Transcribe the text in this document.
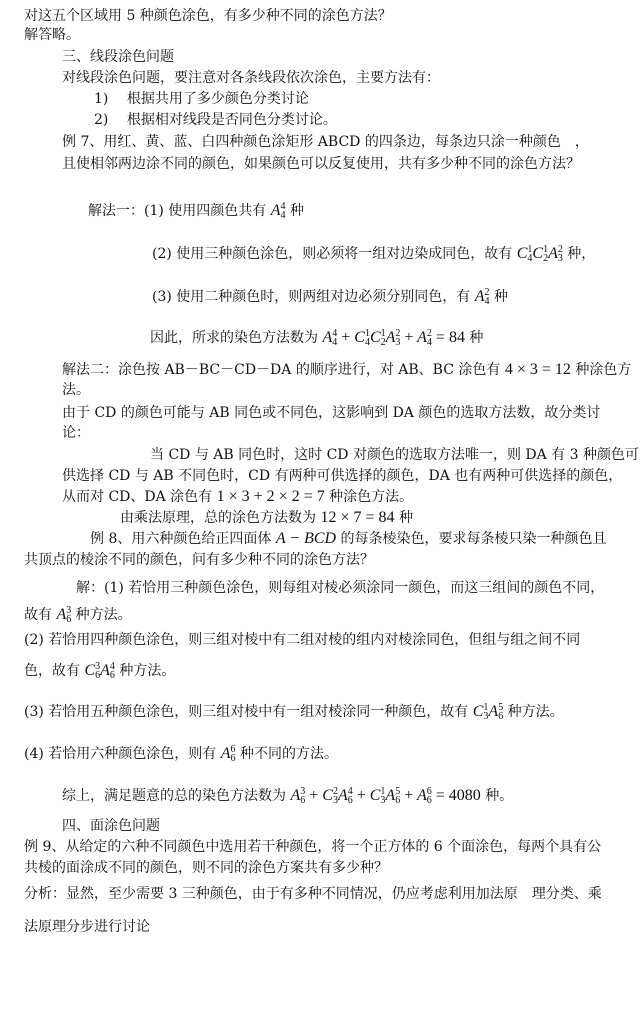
对这五个区域用 5 种颜色涂色，有多少种不同的涂色方法？
解答略。
三、线段涂色问题
对线段涂色问题，要注意对各条线段依次涂色，主要方法有：
1)　 根据共用了多少颜色分类讨论
2)　 根据相对线段是否同色分类讨论。
例 7、用红、黄、蓝、白四种颜色涂矩形 ABCD 的四条边，每条边只涂一种颜色　，
且使相邻两边涂不同的颜色，如果颜色可以反复使用，共有多少种不同的涂色方法？
解法一：(1) 使用四颜色共有 $A^4_4$ 种
(2) 使用三种颜色涂色，则必须将一组对边染成同色，故有 $C^1_4C^1_2A^2_3$ 种，
(3) 使用二种颜色时，则两组对边必须分别同色，有 $A^2_4$ 种
因此，所求的染色方法数为 $A^4_4 + C^1_4C^1_2A^2_3 + A^2_4 = 84$ 种
解法二：涂色按 AB－BC－CD－DA 的顺序进行，对 AB、BC 涂色有 4 × 3 = 12 种涂色方
法。
由于 CD 的颜色可能与 AB 同色或不同色，这影响到 DA 颜色的选取方法数，故分类讨
论：
当 CD 与 AB 同色时，这时 CD 对颜色的选取方法唯一，则 DA 有 3 种颜色可
供选择 CD 与 AB 不同色时，CD 有两种可供选择的颜色，DA 也有两种可供选择的颜色，
从而对 CD、DA 涂色有 1 × 3 + 2 × 2 = 7 种涂色方法。
由乘法原理，总的涂色方法数为 12 × 7 = 84 种
例 8、用六种颜色给正四面体 A − BCD 的每条棱染色，要求每条棱只染一种颜色且
共顶点的棱涂不同的颜色，问有多少种不同的涂色方法？
解：(1) 若恰用三种颜色涂色，则每组对棱必须涂同一颜色，而这三组间的颜色不同，
故有 $A^3_6$ 种方法。
(2) 若恰用四种颜色涂色，则三组对棱中有二组对棱的组内对棱涂同色，但组与组之间不同
色，故有 $C^3_6A^4_6$ 种方法。
(3) 若恰用五种颜色涂色，则三组对棱中有一组对棱涂同一种颜色，故有 $C^1_3A^5_6$ 种方法。
(4) 若恰用六种颜色涂色，则有 $A^6_6$ 种不同的方法。
综上，满足题意的总的染色方法数为 $A^3_6 + C^2_3A^4_6 + C^1_3A^5_6 + A^6_6 = 4080$ 种。
四、面涂色问题
例 9、从给定的六种不同颜色中选用若干种颜色，将一个正方体的 6 个面涂色，每两个具有公
共棱的面涂成不同的颜色，则不同的涂色方案共有多少种？
分析：显然，至少需要 3 三种颜色，由于有多种不同情况，仍应考虑利用加法原　理分类、乘
法原理分步进行讨论
